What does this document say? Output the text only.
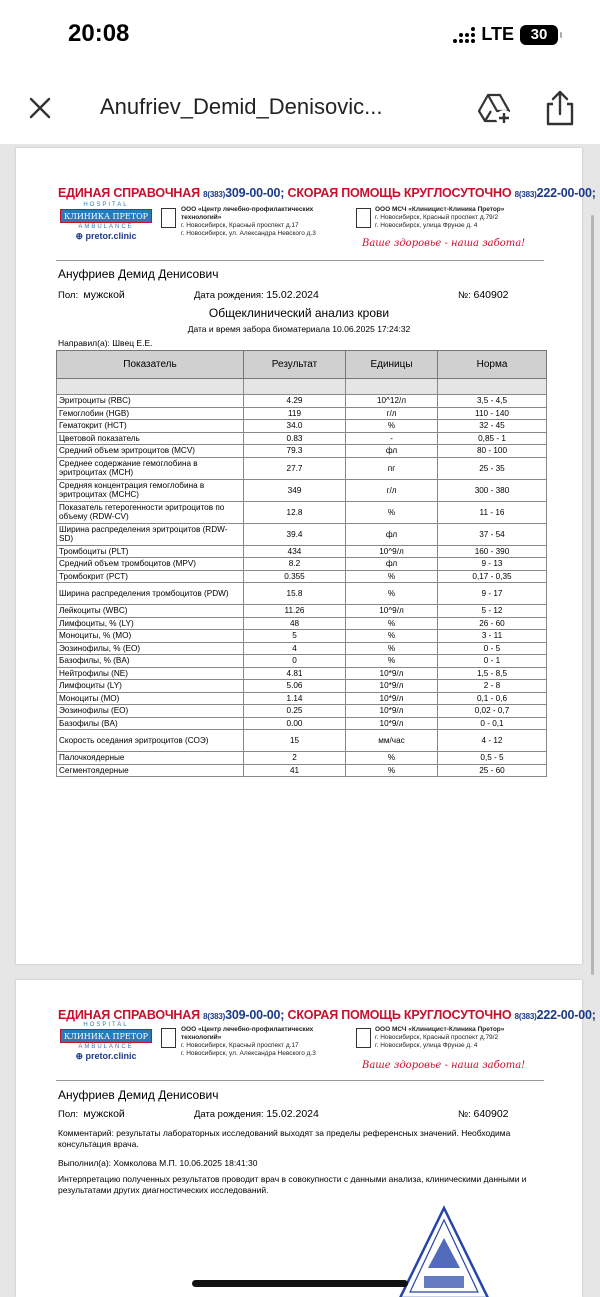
20:08	LTE	30
Anufriev_Demid_Denisovic...
ЕДИНАЯ СПРАВОЧНАЯ 8(383)309-00-00; СКОРАЯ ПОМОЩЬ КРУГЛОСУТОЧНО 8(383)222-00-00;
HOSPITAL
КЛИНИКА ПРЕТОР
AMBULANCE
⊕ pretor.clinic
ООО «Центр лечебно-профилактических технологий»
г. Новосибирск, Красный проспект д.17
г. Новосибирск, ул. Александра Невского д.3
ООО МСЧ «Клиницист-Клиника Претор»
г. Новосибирск, Красный проспект д.79/2
г. Новосибирск, улица Фрунзе д. 4
Ваше здоровье - наша забота!
Ануфриев Демид Денисович
Пол: мужской	Дата рождения: 15.02.2024	№: 640902
Общеклинический анализ крови
Дата и время забора биоматериала 10.06.2025 17:24:32
Направил(а): Швец Е.Е.
Показатель	Результат	Единицы	Норма

Эритроциты (RBC)	4.29	10^12/л	3,5 - 4,5
Гемоглобин (HGB)	119	г/л	110 - 140
Гематокрит (HCT)	34.0	%	32 - 45
Цветовой показатель	0.83	-	0,85 - 1
Средний объем эритроцитов (MCV)	79.3	фл	80 - 100
Среднее содержание гемоглобина в эритроцитах (MCH)	27.7	пг	25 - 35
Средняя концентрация гемоглобина в эритроцитах (MCHC)	349	г/л	300 - 380
Показатель гетерогенности эритроцитов по объему (RDW-CV)	12.8	%	11 - 16
Ширина распределения эритроцитов (RDW-SD)	39.4	фл	37 - 54
Тромбоциты (PLT)	434	10^9/л	160 - 390
Средний объем тромбоцитов (MPV)	8.2	фл	9 - 13
Тромбокрит (PCT)	0.355	%	0,17 - 0,35
Ширина распределения тромбоцитов (PDW)	15.8	%	9 - 17
Лейкоциты (WBC)	11.26	10^9/л	5 - 12
Лимфоциты, % (LY)	48	%	26 - 60
Моноциты, % (MO)	5	%	3 - 11
Эозинофилы, % (EO)	4	%	0 - 5
Базофилы, % (BA)	0	%	0 - 1
Нейтрофилы (NE)	4.81	10*9/л	1,5 - 8,5
Лимфоциты (LY)	5.06	10*9/л	2 - 8
Моноциты (MO)	1.14	10*9/л	0,1 - 0,6
Эозинофилы (EO)	0.25	10*9/л	0,02 - 0,7
Базофилы (BA)	0.00	10*9/л	0 - 0,1
Скорость оседания эритроцитов (СОЭ)	15	мм/час	4 - 12
Палочкоядерные	2	%	0,5 - 5
Сегментоядерные	41	%	25 - 60
ЕДИНАЯ СПРАВОЧНАЯ 8(383)309-00-00; СКОРАЯ ПОМОЩЬ КРУГЛОСУТОЧНО 8(383)222-00-00;
HOSPITAL
КЛИНИКА ПРЕТОР
AMBULANCE
⊕ pretor.clinic
ООО «Центр лечебно-профилактических технологий»
г. Новосибирск, Красный проспект д.17
г. Новосибирск, ул. Александра Невского д.3
ООО МСЧ «Клиницист-Клиника Претор»
г. Новосибирск, Красный проспект д.79/2
г. Новосибирск, улица Фрунзе д. 4
Ваше здоровье - наша забота!
Ануфриев Демид Денисович
Пол: мужской	Дата рождения: 15.02.2024	№: 640902
Комментарий: результаты лабораторных исследований выходят за пределы референсных значений. Необходима консультация врача.
Выполнил(а): Хомколова М.П. 10.06.2025 18:41:30
Интерпретацию полученных результатов проводит врач в совокупности с данными анализа, клиническими данными и результатами других диагностических исследований.
